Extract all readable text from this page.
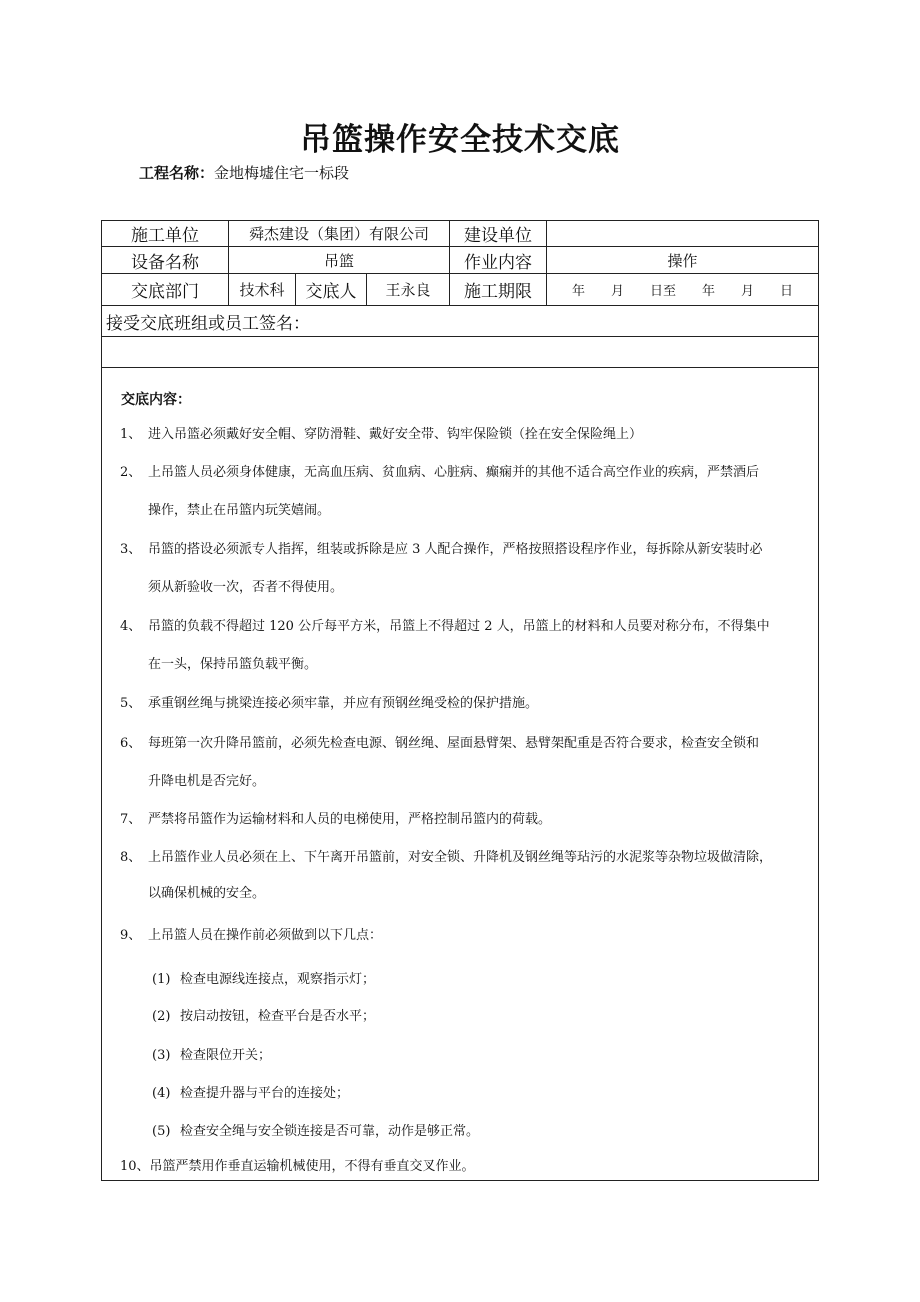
吊篮操作安全技术交底
工程名称：金地梅墟住宅一标段
施工单位	舜杰建设（集团）有限公司	建设单位
设备名称	吊篮	作业内容	操作
交底部门	技术科	交底人	王永良	施工期限	年　　月　　日至　　年　　月　　日
接受交底班组或员工签名：
交底内容：
1、 进入吊篮必须戴好安全帽、穿防滑鞋、戴好安全带、钩牢保险锁（拴在安全保险绳上）
2、 上吊篮人员必须身体健康，无高血压病、贫血病、心脏病、癫痫并的其他不适合高空作业的疾病，严禁酒后
操作，禁止在吊篮内玩笑嬉闹。
3、 吊篮的搭设必须派专人指挥，组装或拆除是应 3 人配合操作，严格按照搭设程序作业，每拆除从新安装时必
须从新验收一次，否者不得使用。
4、 吊篮的负载不得超过 120 公斤每平方米，吊篮上不得超过 2 人，吊篮上的材料和人员要对称分布，不得集中
在一头，保持吊篮负载平衡。
5、 承重钢丝绳与挑梁连接必须牢靠，并应有预钢丝绳受检的保护措施。
6、 每班第一次升降吊篮前，必须先检查电源、钢丝绳、屋面悬臂架、悬臂架配重是否符合要求，检查安全锁和
升降电机是否完好。
7、 严禁将吊篮作为运输材料和人员的电梯使用，严格控制吊篮内的荷载。
8、 上吊篮作业人员必须在上、下午离开吊篮前，对安全锁、升降机及钢丝绳等玷污的水泥浆等杂物垃圾做清除，
以确保机械的安全。
9、 上吊篮人员在操作前必须做到以下几点：
(1) 检查电源线连接点，观察指示灯；
(2) 按启动按钮，检查平台是否水平；
(3) 检查限位开关；
(4) 检查提升器与平台的连接处；
(5) 检查安全绳与安全锁连接是否可靠，动作是够正常。
10、吊篮严禁用作垂直运输机械使用，不得有垂直交叉作业。
